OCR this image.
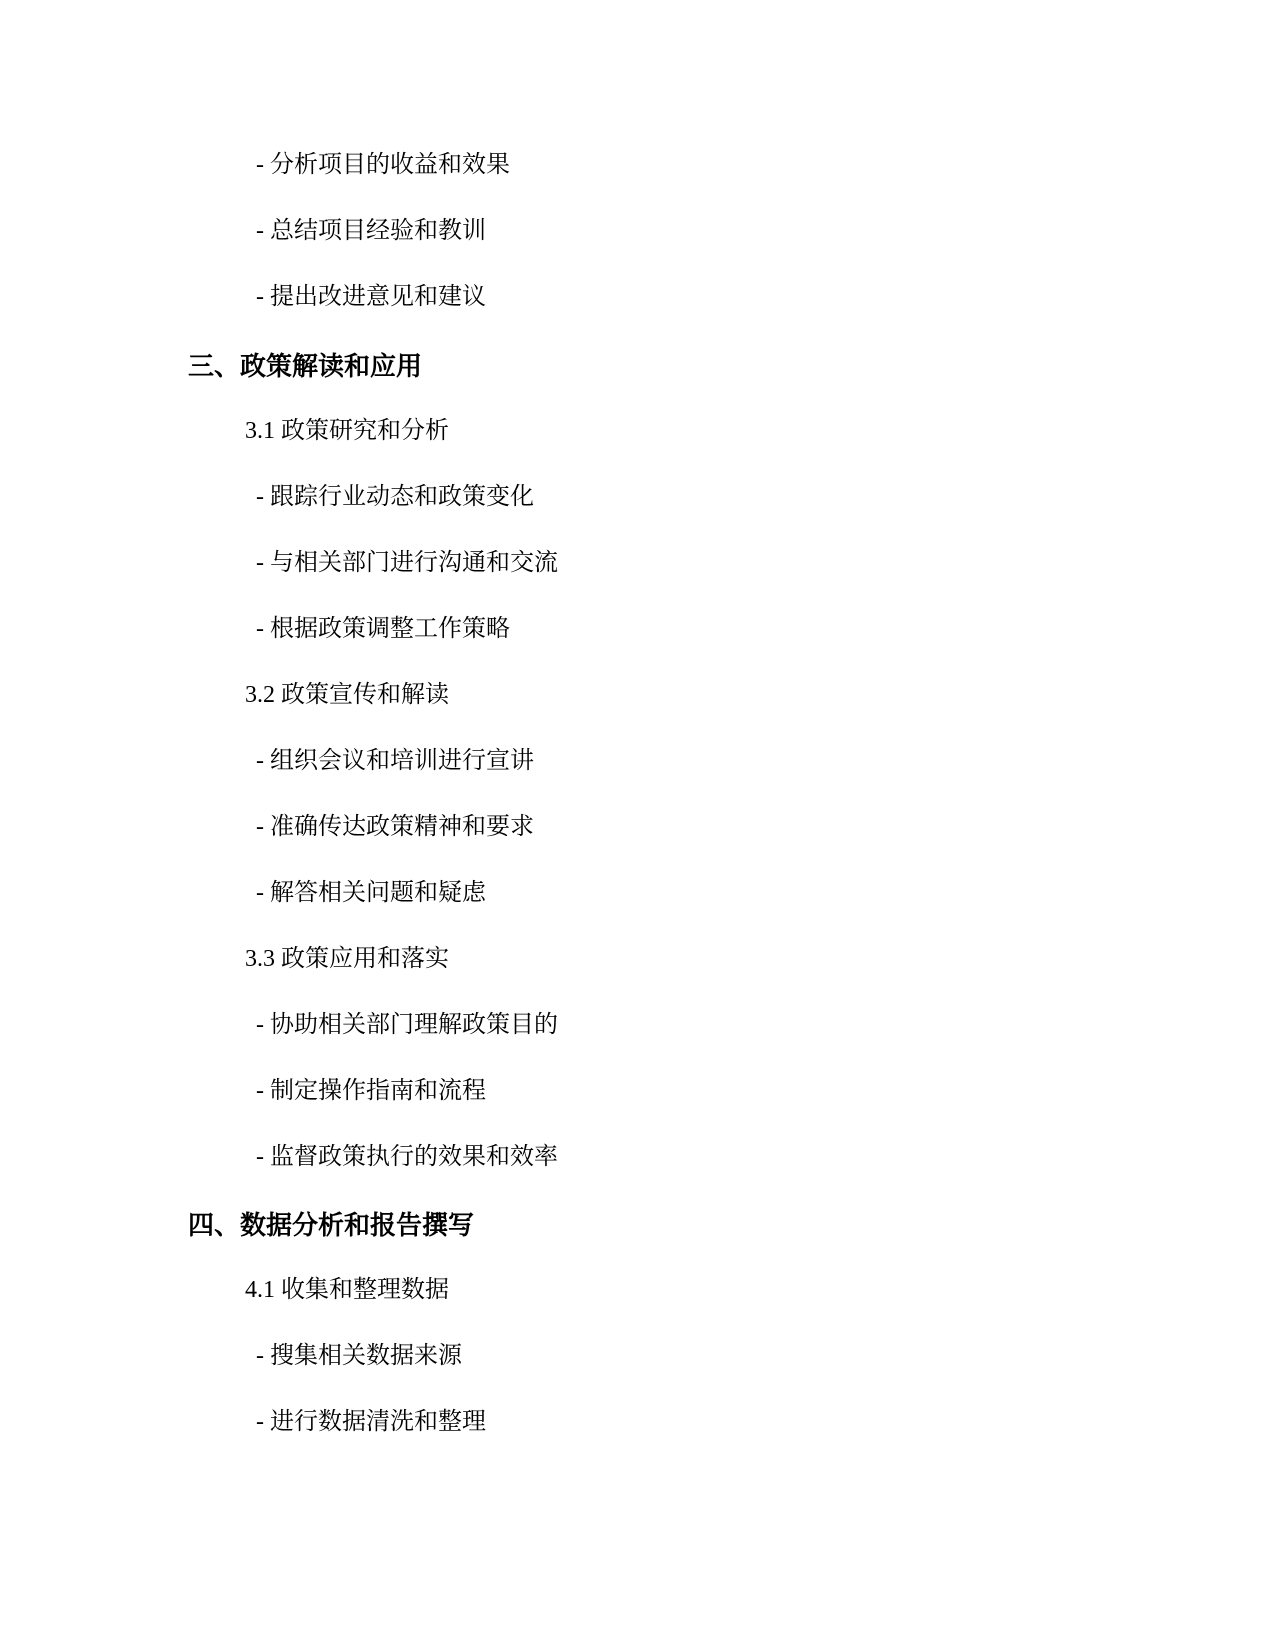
- 分析项目的收益和效果
- 总结项目经验和教训
- 提出改进意见和建议
三、政策解读和应用
3.1 政策研究和分析
- 跟踪行业动态和政策变化
- 与相关部门进行沟通和交流
- 根据政策调整工作策略
3.2 政策宣传和解读
- 组织会议和培训进行宣讲
- 准确传达政策精神和要求
- 解答相关问题和疑虑
3.3 政策应用和落实
- 协助相关部门理解政策目的
- 制定操作指南和流程
- 监督政策执行的效果和效率
四、数据分析和报告撰写
4.1 收集和整理数据
- 搜集相关数据来源
- 进行数据清洗和整理
